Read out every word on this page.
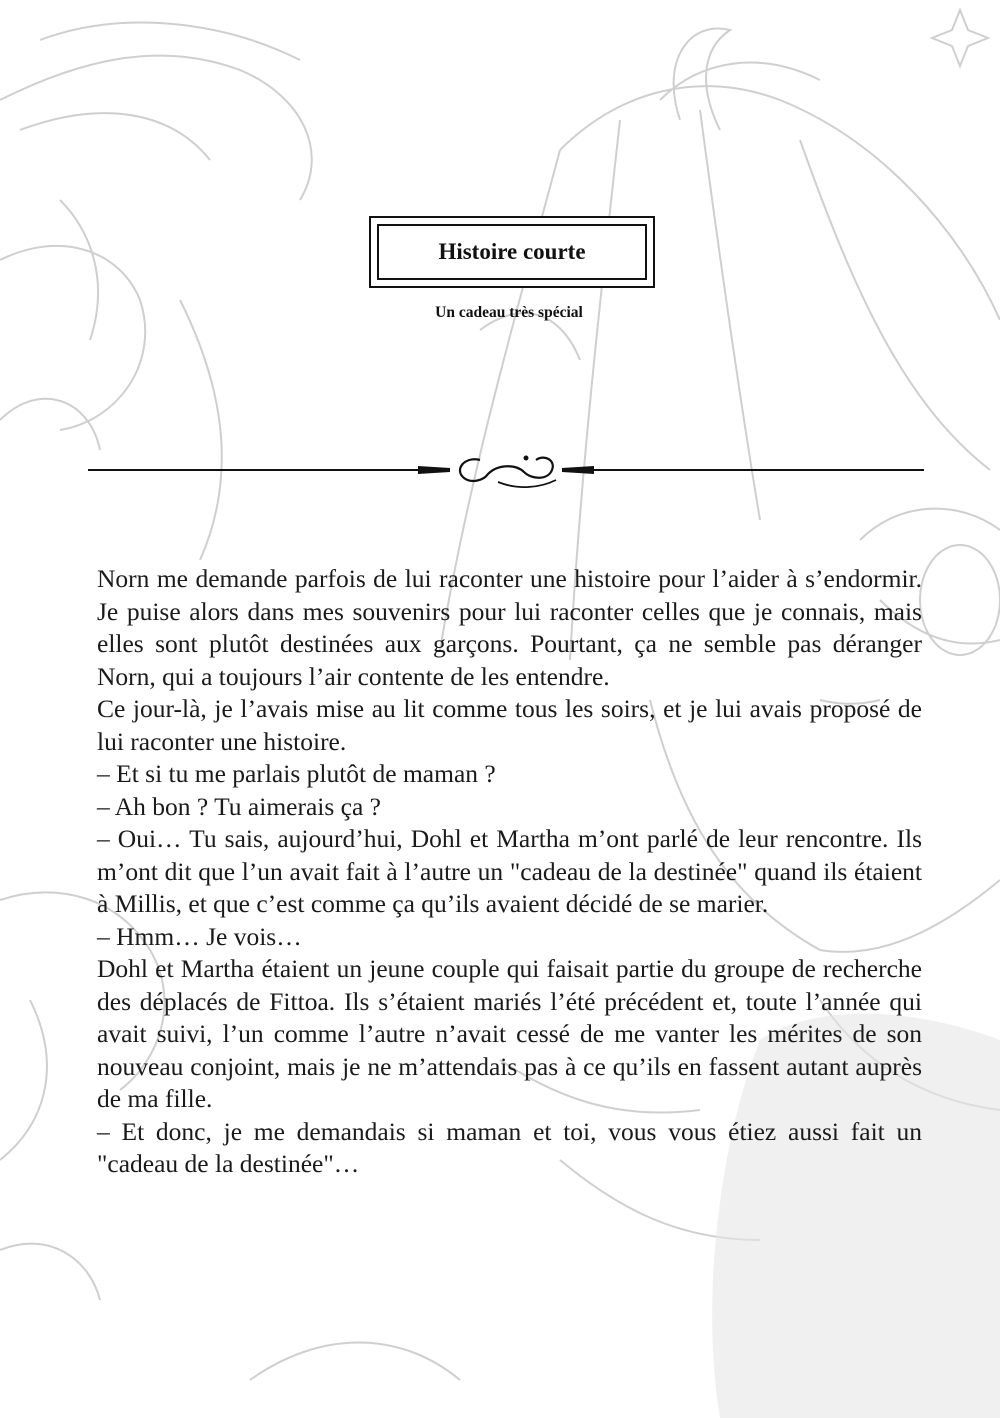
Histoire courte
Un cadeau très spécial

Norn me demande parfois de lui raconter une histoire pour l’aider à s’endormir. Je puise alors dans mes souvenirs pour lui raconter celles que je connais, mais elles sont plutôt destinées aux garçons. Pourtant, ça ne semble pas déranger Norn, qui a toujours l’air contente de les entendre.

Ce jour-là, je l’avais mise au lit comme tous les soirs, et je lui avais proposé de lui raconter une histoire.

– Et si tu me parlais plutôt de maman ?

– Ah bon ? Tu aimerais ça ?

– Oui… Tu sais, aujourd’hui, Dohl et Martha m’ont parlé de leur rencontre. Ils m’ont dit que l’un avait fait à l’autre un "cadeau de la destinée" quand ils étaient à Millis, et que c’est comme ça qu’ils avaient décidé de se marier.

– Hmm… Je vois…

Dohl et Martha étaient un jeune couple qui faisait partie du groupe de recherche des déplacés de Fittoa. Ils s’étaient mariés l’été précédent et, toute l’année qui avait suivi, l’un comme l’autre n’avait cessé de me vanter les mérites de son nouveau conjoint, mais je ne m’attendais pas à ce qu’ils en fassent autant auprès de ma fille.

– Et donc, je me demandais si maman et toi, vous vous étiez aussi fait un "cadeau de la destinée"…
